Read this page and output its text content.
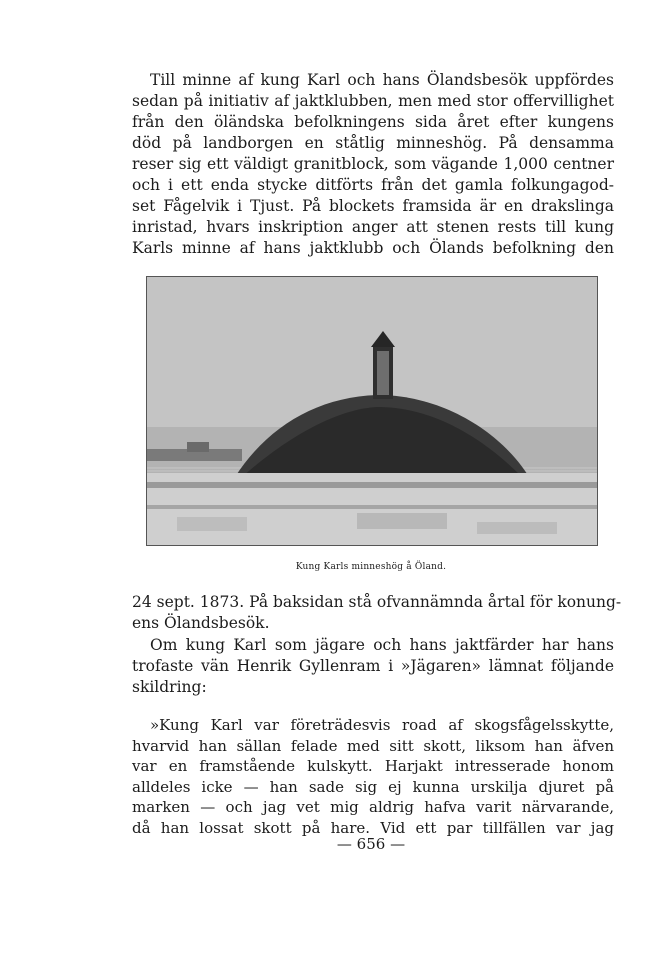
Till minne af kung Karl och hans Ölandsbesök uppfördes
sedan på initiativ af jaktklubben, men med stor offervillighet
från den öländska befolkningens sida året efter kungens
död på landborgen en ståtlig minneshög. På densamma
reser sig ett väldigt granitblock, som vägande 1,000 centner
och i ett enda stycke ditförts från det gamla folkungagod-
set Fågelvik i Tjust. På blockets framsida är en drakslinga
inristad, hvars inskription anger att stenen rests till kung
Karls minne af hans jaktklubb och Ölands befolkning den

Kung Karls minneshög å Öland.

24 sept. 1873. På baksidan stå ofvannämnda årtal för konung-
ens Ölandsbesök.

Om kung Karl som jägare och hans jaktfärder har hans
trofaste vän Henrik Gyllenram i »Jägaren» lämnat följande
skildring:

»Kung Karl var företrädesvis road af skogsfågelsskytte,
hvarvid han sällan felade med sitt skott, liksom han äfven
var en framstående kulskytt. Harjakt intresserade honom
alldeles icke — han sade sig ej kunna urskilja djuret på
marken — och jag vet mig aldrig hafva varit närvarande,
då han lossat skott på hare. Vid ett par tillfällen var jag

— 656 —
